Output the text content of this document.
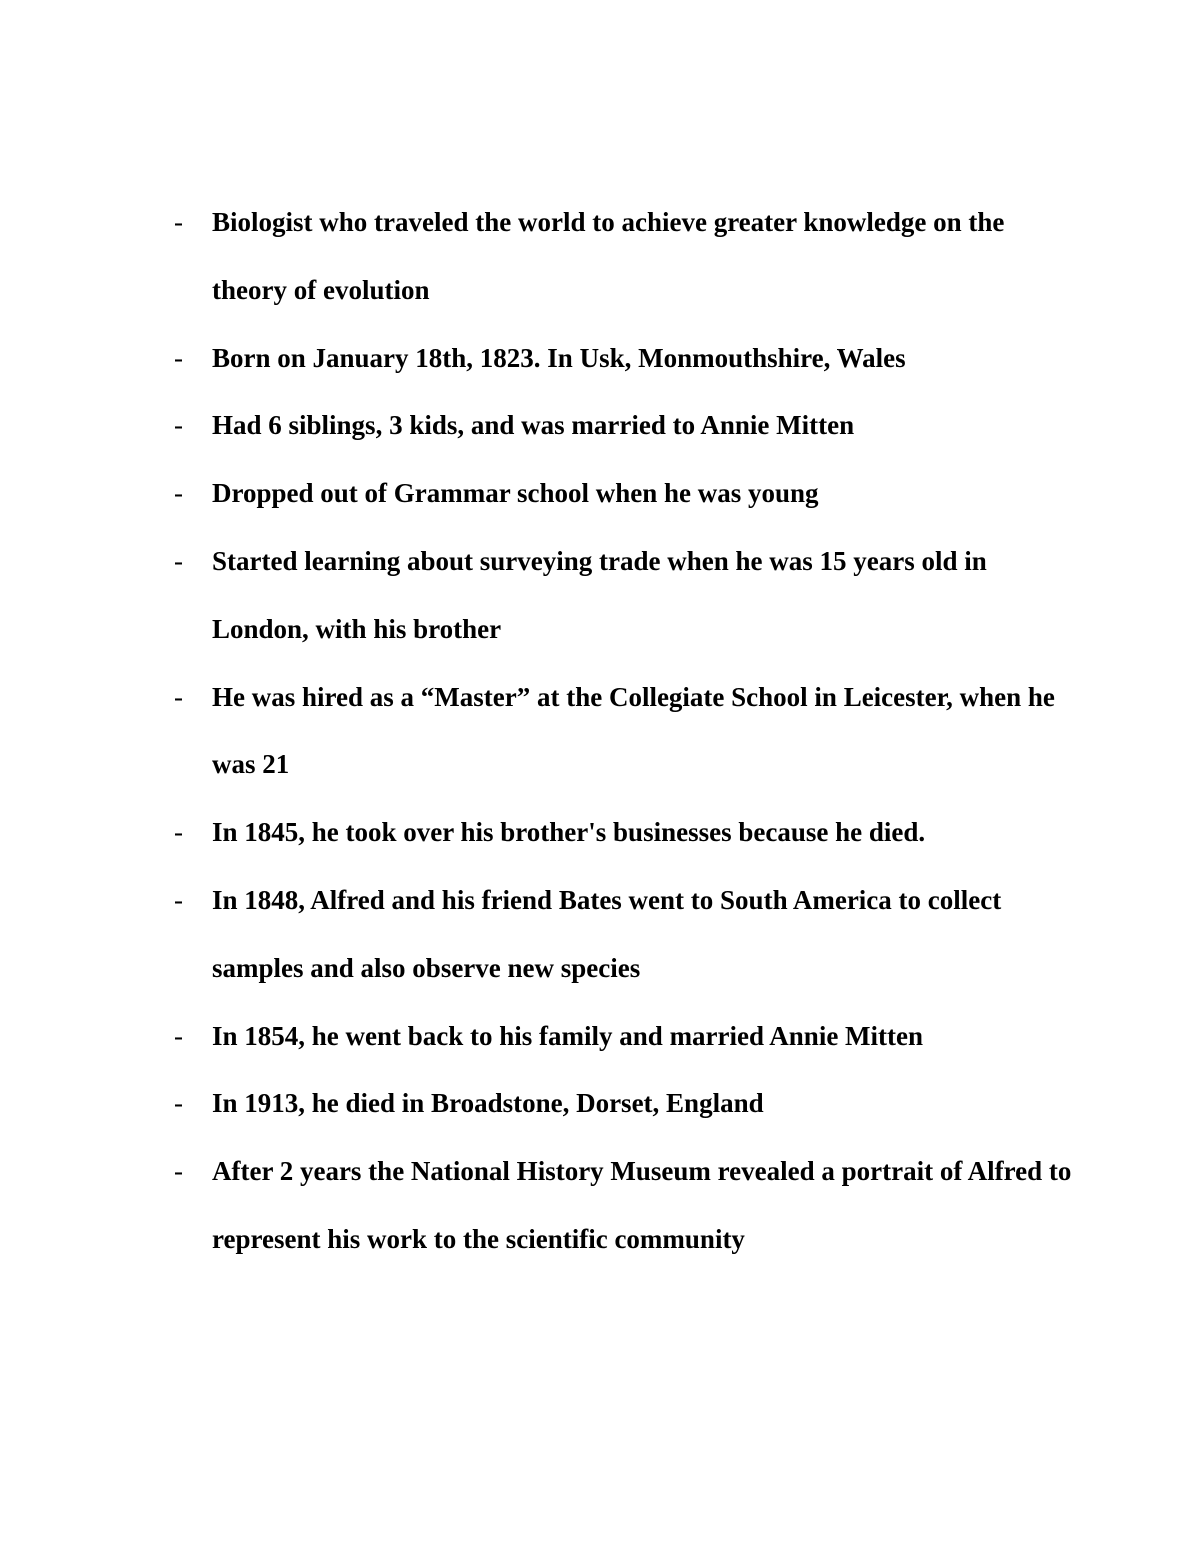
- Biologist who traveled the world to achieve greater knowledge on the theory of evolution
- Born on January 18th, 1823. In Usk, Monmouthshire, Wales
- Had 6 siblings, 3 kids, and was married to Annie Mitten
- Dropped out of Grammar school when he was young
- Started learning about surveying trade when he was 15 years old in London, with his brother
- He was hired as a “Master” at the Collegiate School in Leicester, when he was 21
- In 1845, he took over his brother's businesses because he died.
- In 1848, Alfred and his friend Bates went to South America to collect samples and also observe new species
- In 1854, he went back to his family and married Annie Mitten
- In 1913, he died in Broadstone, Dorset, England
- After 2 years the National History Museum revealed a portrait of Alfred to represent his work to the scientific community
